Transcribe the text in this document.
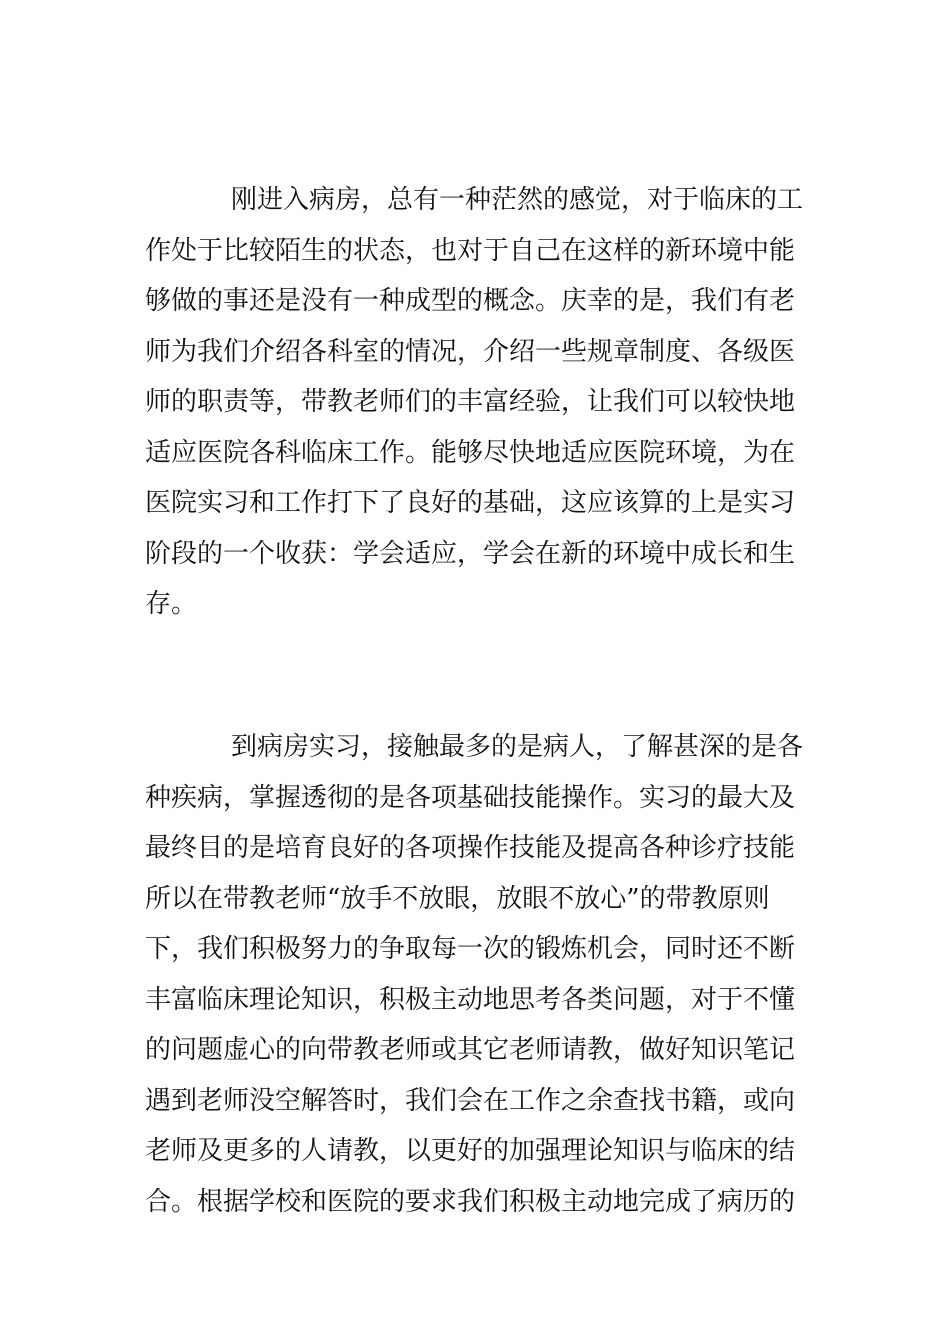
刚进入病房，总有一种茫然的感觉，对于临床的工
作处于比较陌生的状态，也对于自己在这样的新环境中能
够做的事还是没有一种成型的概念。庆幸的是，我们有老
师为我们介绍各科室的情况，介绍一些规章制度、各级医
师的职责等，带教老师们的丰富经验，让我们可以较快地
适应医院各科临床工作。能够尽快地适应医院环境，为在
医院实习和工作打下了良好的基础，这应该算的上是实习
阶段的一个收获：学会适应，学会在新的环境中成长和生
存。
到病房实习，接触最多的是病人，了解甚深的是各
种疾病，掌握透彻的是各项基础技能操作。实习的最大及
最终目的是培育良好的各项操作技能及提高各种诊疗技能
所以在带教老师“放手不放眼，放眼不放心”的带教原则
下，我们积极努力的争取每一次的锻炼机会，同时还不断
丰富临床理论知识，积极主动地思考各类问题，对于不懂
的问题虚心的向带教老师或其它老师请教，做好知识笔记
遇到老师没空解答时，我们会在工作之余查找书籍，或向
老师及更多的人请教，以更好的加强理论知识与临床的结
合。根据学校和医院的要求我们积极主动地完成了病历的
